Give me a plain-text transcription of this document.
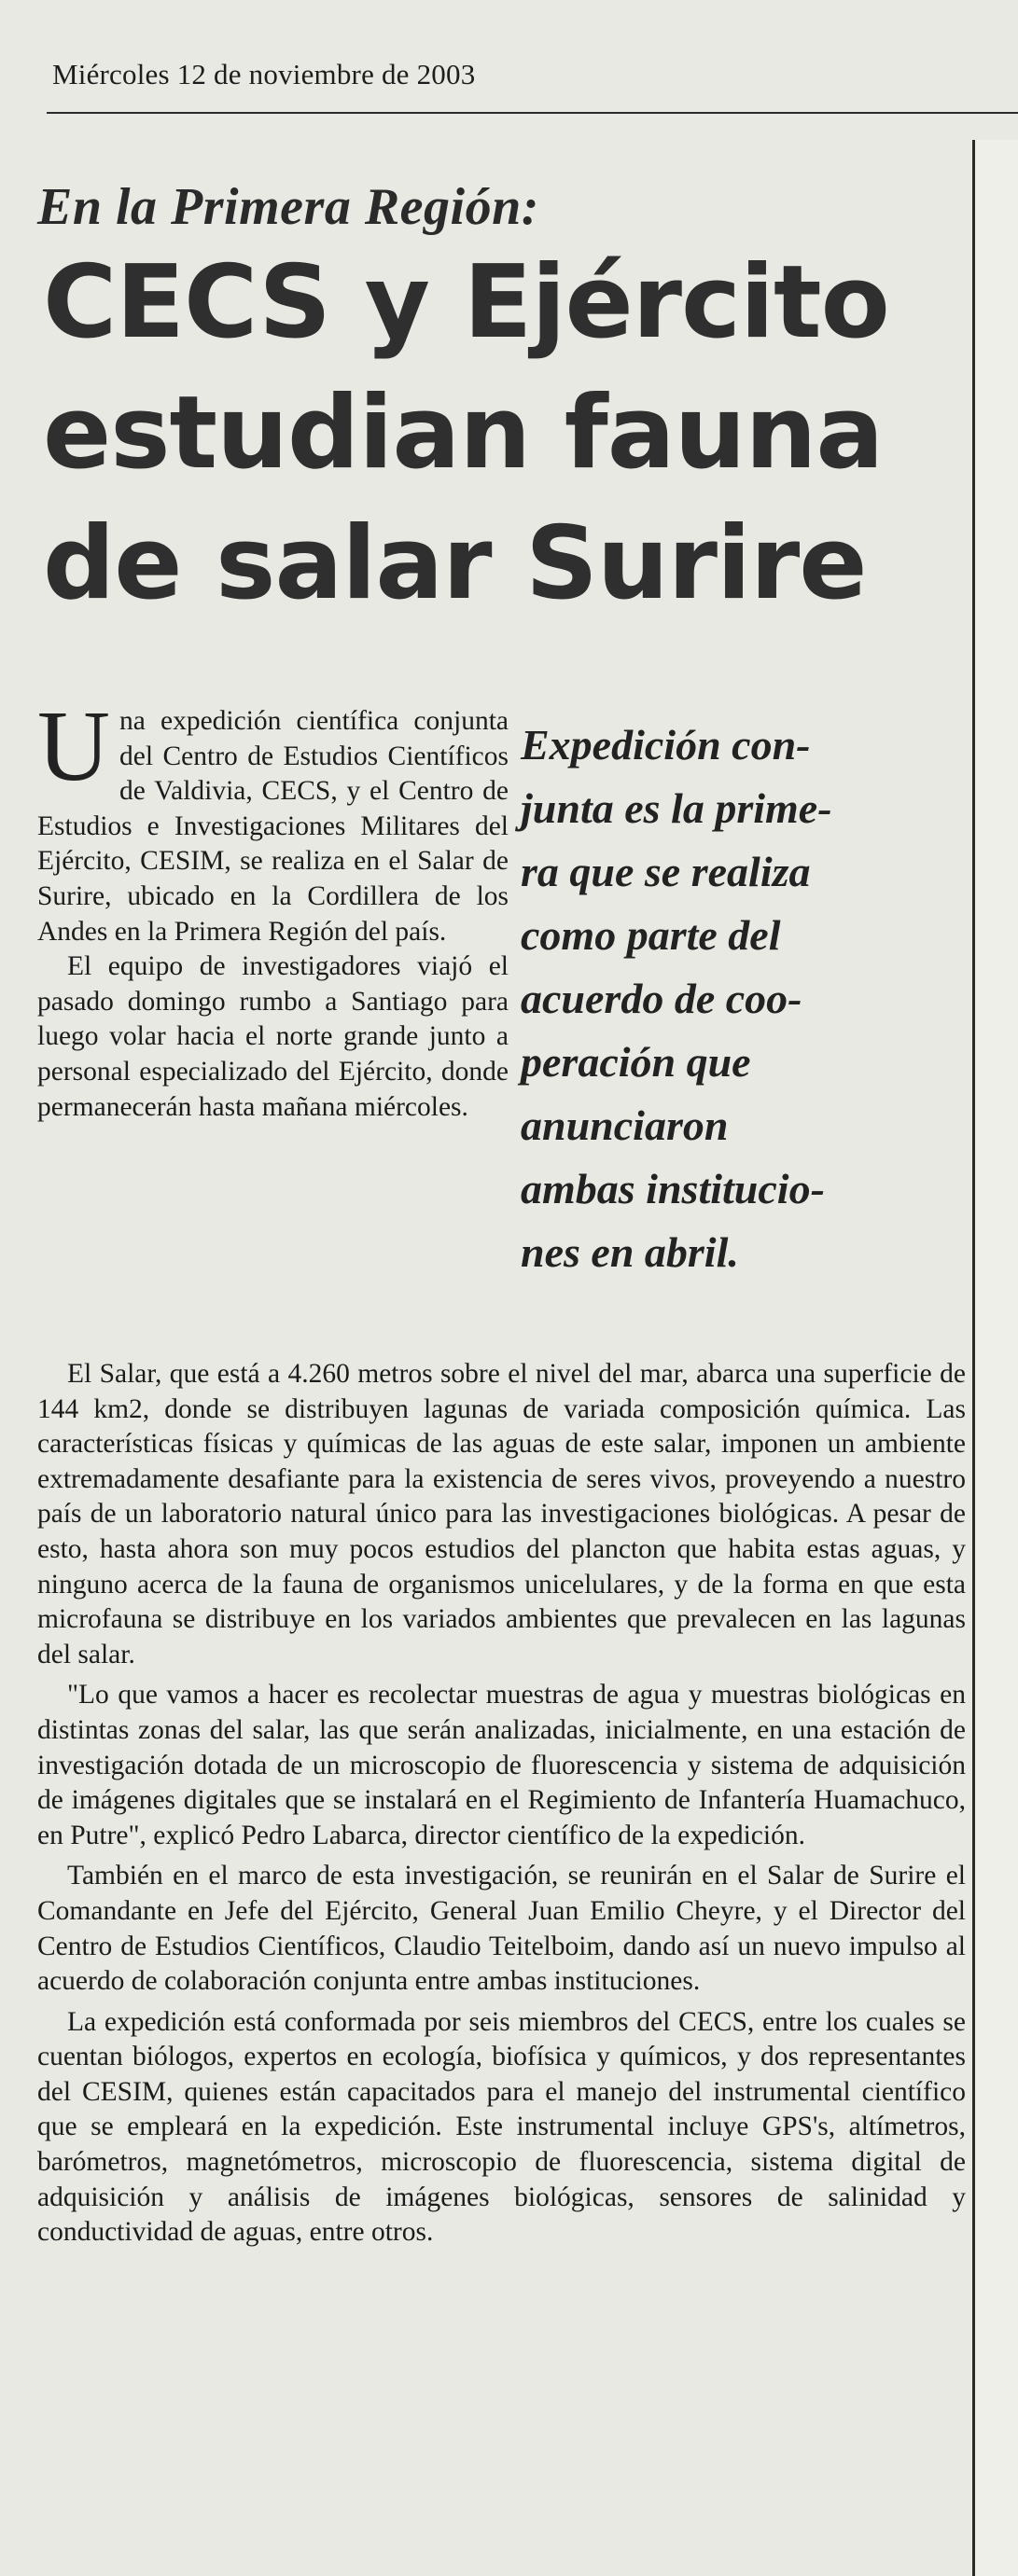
Miércoles 12 de noviembre de 2003
En la Primera Región:
CECS y Ejército
estudian fauna
de salar Surire

Una expedición científica conjunta del Centro de Estudios Científicos de Valdivia, CECS, y el Centro de Estudios e Investigaciones Militares del Ejército, CESIM, se realiza en el Salar de Surire, ubicado en la Cordillera de los Andes en la Primera Región del país.

El equipo de investigadores viajó el pasado domingo rumbo a Santiago para luego volar hacia el norte grande junto a personal especializado del Ejército, donde permanecerán hasta mañana miércoles.

Expedición con-
junta es la prime-
ra que se realiza
como parte del
acuerdo de coo-
peración que
anunciaron
ambas institucio-
nes en abril.

El Salar, que está a 4.260 metros sobre el nivel del mar, abarca una superficie de 144 km2, donde se distribuyen lagunas de variada composición química. Las características físicas y químicas de las aguas de este salar, imponen un ambiente extremadamente desafiante para la existencia de seres vivos, proveyendo a nuestro país de un laboratorio natural único para las investigaciones biológicas. A pesar de esto, hasta ahora son muy pocos estudios del plancton que habita estas aguas, y ninguno acerca de la fauna de organismos unicelulares, y de la forma en que esta microfauna se distribuye en los variados ambientes que prevalecen en las lagunas del salar.

"Lo que vamos a hacer es recolectar muestras de agua y muestras biológicas en distintas zonas del salar, las que serán analizadas, inicialmente, en una estación de investigación dotada de un microscopio de fluorescencia y sistema de adquisición de imágenes digitales que se instalará en el Regimiento de Infantería Huamachuco, en Putre", explicó Pedro Labarca, director científico de la expedición.

También en el marco de esta investigación, se reunirán en el Salar de Surire el Comandante en Jefe del Ejército, General Juan Emilio Cheyre, y el Director del Centro de Estudios Científicos, Claudio Teitelboim, dando así un nuevo impulso al acuerdo de colaboración conjunta entre ambas instituciones.

La expedición está conformada por seis miembros del CECS, entre los cuales se cuentan biólogos, expertos en ecología, biofísica y químicos, y dos representantes del CESIM, quienes están capacitados para el manejo del instrumental científico que se empleará en la expedición. Este instrumental incluye GPS's, altímetros, barómetros, magnetómetros, microscopio de fluorescencia, sistema digital de adquisición y análisis de imágenes biológicas, sensores de salinidad y conductividad de aguas, entre otros.
